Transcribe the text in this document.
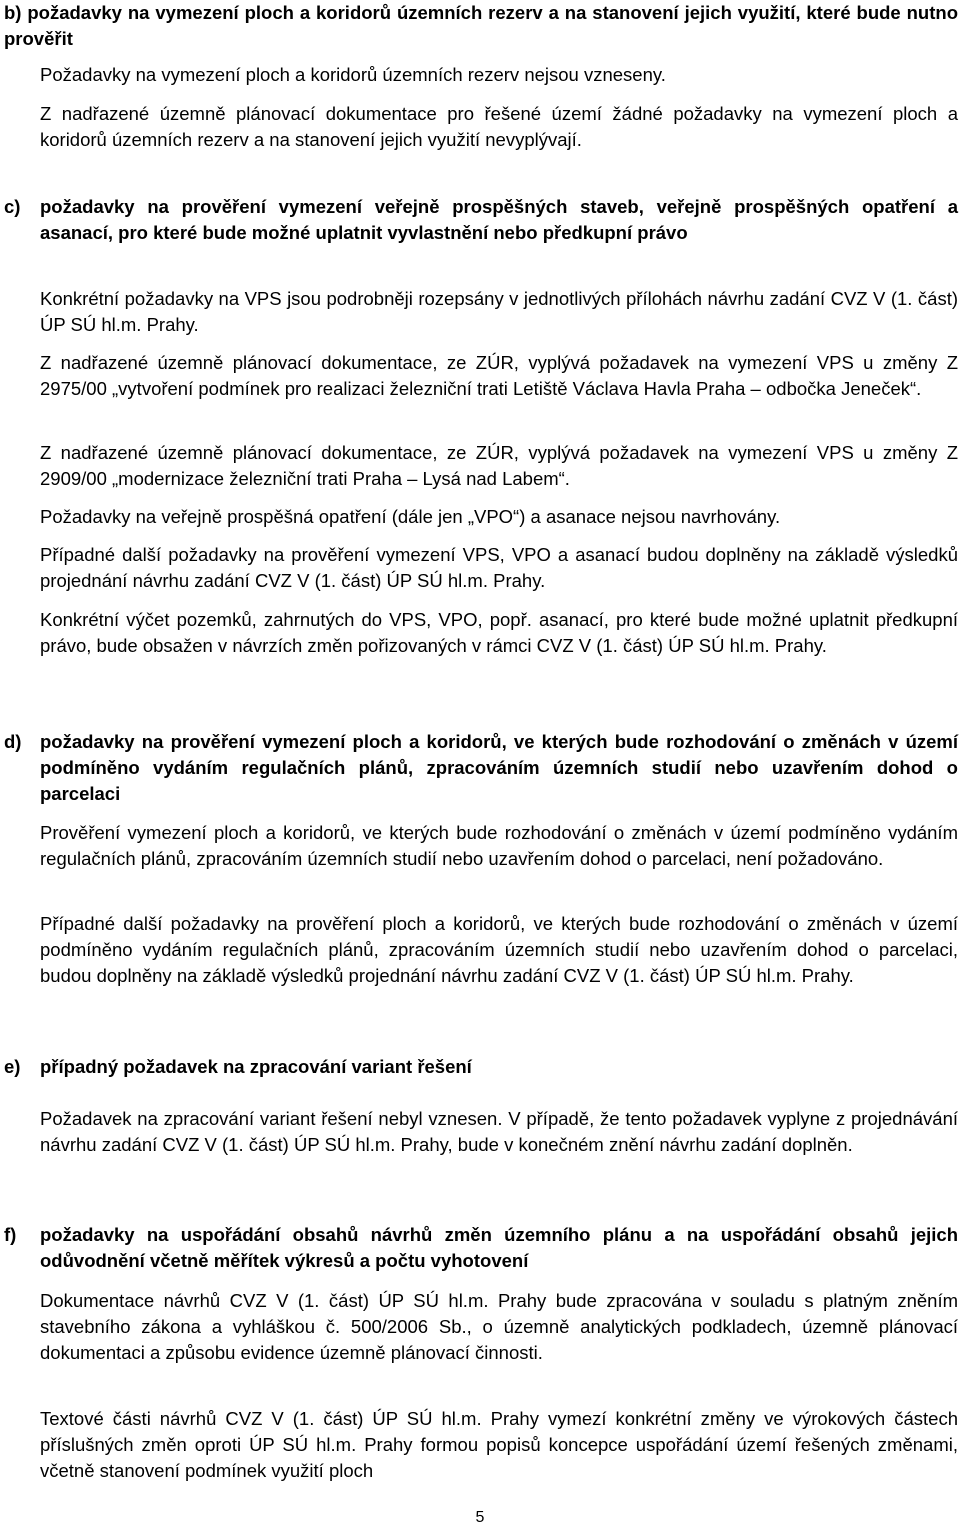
b) požadavky na vymezení ploch a koridorů územních rezerv a na stanovení jejich využití, které bude nutno prověřit
Požadavky na vymezení ploch a koridorů územních rezerv nejsou vzneseny.
Z nadřazené územně plánovací dokumentace pro řešené území žádné požadavky na vymezení ploch a koridorů územních rezerv a na stanovení jejich využití nevyplývají.
c)	požadavky na prověření vymezení veřejně prospěšných staveb, veřejně prospěšných opatření a asanací, pro které bude možné uplatnit vyvlastnění nebo předkupní právo
Konkrétní požadavky na VPS jsou podrobněji rozepsány v jednotlivých přílohách návrhu zadání CVZ V (1. část) ÚP SÚ hl.m. Prahy.
Z nadřazené územně plánovací dokumentace, ze ZÚR, vyplývá požadavek na vymezení VPS u změny Z 2975/00 „vytvoření podmínek pro realizaci železniční trati Letiště Václava Havla Praha – odbočka Jeneček“.
Z nadřazené územně plánovací dokumentace, ze ZÚR, vyplývá požadavek na vymezení VPS u změny Z 2909/00 „modernizace železniční trati Praha – Lysá nad Labem“.
Požadavky na veřejně prospěšná opatření (dále jen „VPO“) a asanace nejsou navrhovány.
Případné další požadavky na prověření vymezení VPS, VPO a asanací budou doplněny na základě výsledků projednání návrhu zadání CVZ V (1. část) ÚP SÚ hl.m. Prahy.
Konkrétní výčet pozemků, zahrnutých do VPS, VPO, popř. asanací, pro které bude možné uplatnit předkupní právo, bude obsažen v návrzích změn pořizovaných v rámci CVZ V (1. část) ÚP SÚ hl.m. Prahy.
d)	požadavky na prověření vymezení ploch a koridorů, ve kterých bude rozhodování o změnách v území podmíněno vydáním regulačních plánů, zpracováním územních studií nebo uzavřením dohod o parcelaci
Prověření vymezení ploch a koridorů, ve kterých bude rozhodování o změnách v území podmíněno vydáním regulačních plánů, zpracováním územních studií nebo uzavřením dohod o parcelaci, není požadováno.
Případné další požadavky na prověření ploch a koridorů, ve kterých bude rozhodování o změnách v území podmíněno vydáním regulačních plánů, zpracováním územních studií nebo uzavřením dohod o parcelaci, budou doplněny na základě výsledků projednání návrhu zadání CVZ V (1. část) ÚP SÚ hl.m. Prahy.
e)	případný požadavek na zpracování variant řešení
Požadavek na zpracování variant řešení nebyl vznesen. V případě, že tento požadavek vyplyne z projednávání návrhu zadání CVZ V (1. část) ÚP SÚ hl.m. Prahy, bude v konečném znění návrhu zadání doplněn.
f)	požadavky na uspořádání obsahů návrhů změn územního plánu a na uspořádání obsahů jejich odůvodnění včetně měřítek výkresů a počtu vyhotovení
Dokumentace návrhů CVZ V (1. část) ÚP SÚ hl.m. Prahy bude zpracována v souladu s platným zněním stavebního zákona a vyhláškou č. 500/2006 Sb., o územně analytických podkladech, územně plánovací dokumentaci a způsobu evidence územně plánovací činnosti.
Textové části návrhů CVZ V (1. část) ÚP SÚ hl.m. Prahy vymezí konkrétní změny ve výrokových částech příslušných změn oproti ÚP SÚ hl.m. Prahy formou popisů koncepce uspořádání území řešených změnami, včetně stanovení podmínek využití ploch
5
